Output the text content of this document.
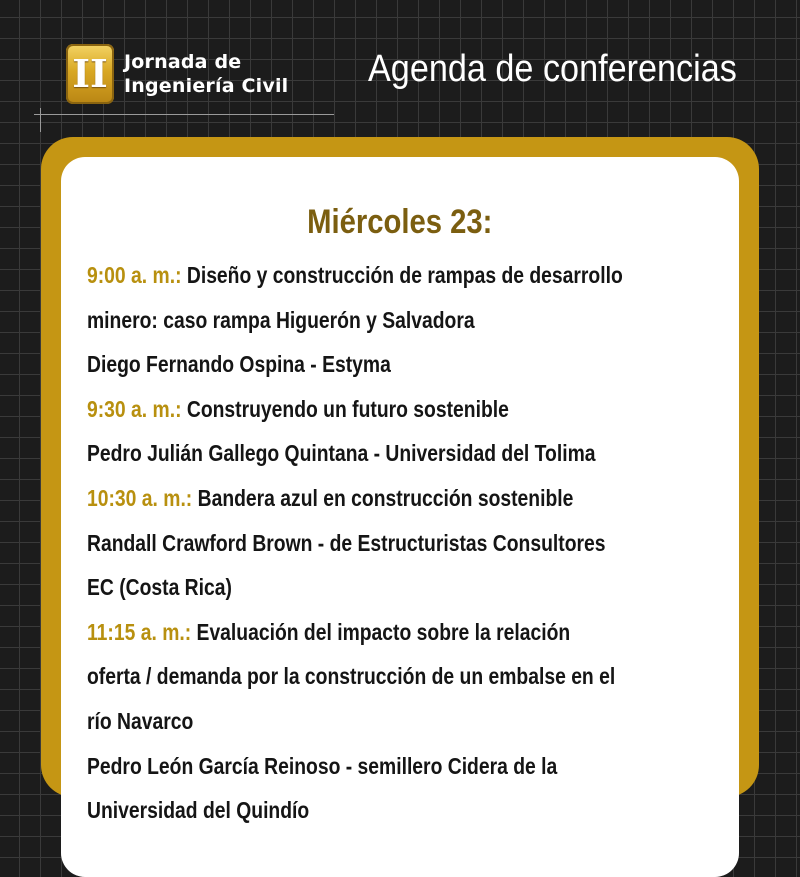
II Jornada de
Ingeniería Civil Agenda de conferencias
Miércoles 23:
9:00 a. m.: Diseño y construcción de rampas de desarrollo
minero: caso rampa Higuerón y Salvadora
Diego Fernando Ospina - Estyma
9:30 a. m.: Construyendo un futuro sostenible
Pedro Julián Gallego Quintana - Universidad del Tolima
10:30 a. m.: Bandera azul en construcción sostenible
Randall Crawford Brown - de Estructuristas Consultores
EC (Costa Rica)
11:15 a. m.: Evaluación del impacto sobre la relación
oferta / demanda por la construcción de un embalse en el
río Navarco
Pedro León García Reinoso - semillero Cidera de la
Universidad del Quindío
